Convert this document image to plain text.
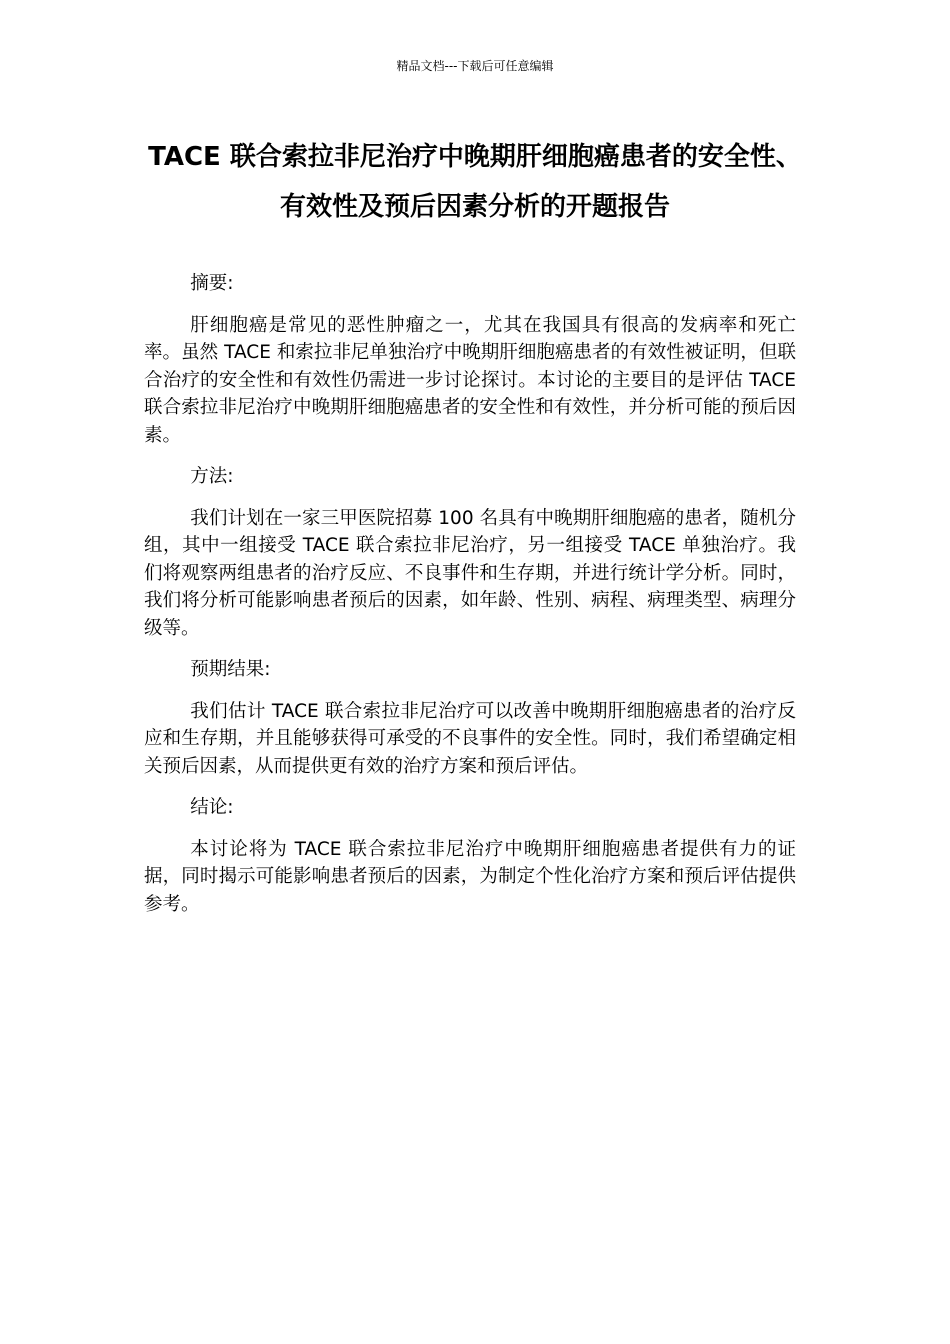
精品文档---下载后可任意编辑
TACE 联合索拉非尼治疗中晚期肝细胞癌患者的安全性、有效性及预后因素分析的开题报告

摘要:

肝细胞癌是常见的恶性肿瘤之一，尤其在我国具有很高的发病率和死亡率。虽然 TACE 和索拉非尼单独治疗中晚期肝细胞癌患者的有效性被证明，但联合治疗的安全性和有效性仍需进一步讨论探讨。本讨论的主要目的是评估 TACE 联合索拉非尼治疗中晚期肝细胞癌患者的安全性和有效性，并分析可能的预后因素。

方法:

我们计划在一家三甲医院招募 100 名具有中晚期肝细胞癌的患者，随机分组，其中一组接受 TACE 联合索拉非尼治疗，另一组接受 TACE 单独治疗。我们将观察两组患者的治疗反应、不良事件和生存期，并进行统计学分析。同时，我们将分析可能影响患者预后的因素，如年龄、性别、病程、病理类型、病理分级等。

预期结果:

我们估计 TACE 联合索拉非尼治疗可以改善中晚期肝细胞癌患者的治疗反应和生存期，并且能够获得可承受的不良事件的安全性。同时，我们希望确定相关预后因素，从而提供更有效的治疗方案和预后评估。

结论:

本讨论将为 TACE 联合索拉非尼治疗中晚期肝细胞癌患者提供有力的证据，同时揭示可能影响患者预后的因素，为制定个性化治疗方案和预后评估提供参考。
